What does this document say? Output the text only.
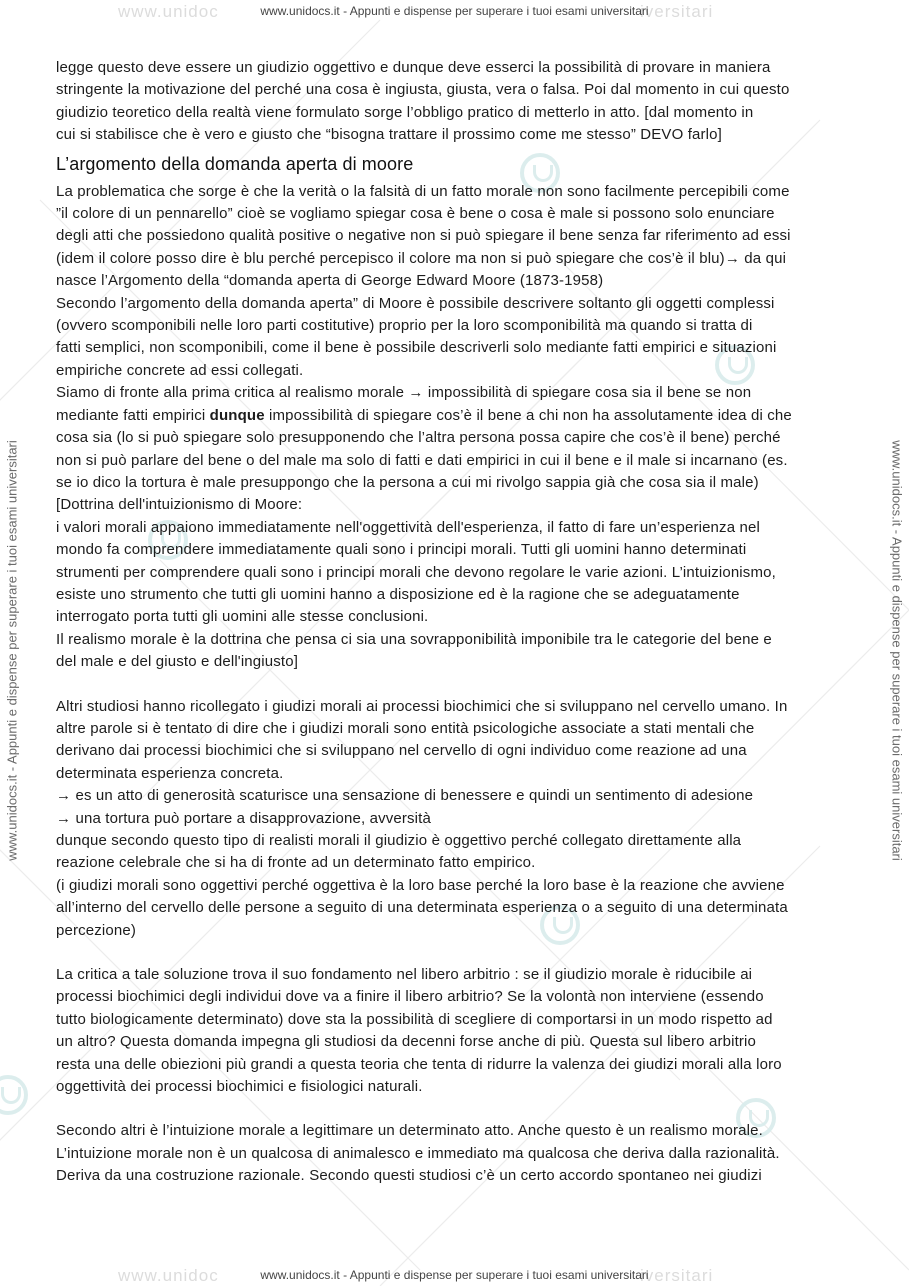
www.unidoc	iversitari
www.unidocs.it - Appunti e dispense per superare i tuoi esami universitari
www.unidoc	iversitari
www.unidocs.it - Appunti e dispense per superare i tuoi esami universitari
www.unidocs.it - Appunti e dispense per superare i tuoi esami universitari	www.unidocs.it - Appunti e dispense per superare i tuoi esami universitari

legge questo deve essere un giudizio oggettivo e dunque deve esserci la possibilità di provare in maniera

stringente la motivazione del perché una cosa è ingiusta, giusta, vera o falsa. Poi dal momento in cui questo

giudizio teoretico della realtà viene formulato sorge l’obbligo pratico di metterlo in atto. [dal momento in

cui si stabilisce che è vero e giusto che “bisogna trattare il prossimo come me stesso” DEVO farlo]

L’argomento della domanda aperta di moore

La problematica che sorge è che la verità o la falsità di un fatto morale non sono facilmente percepibili come

”il colore di un pennarello” cioè se vogliamo spiegar cosa è bene o cosa è male si possono solo enunciare

degli atti che possiedono qualità positive o negative non si può spiegare il bene senza far riferimento ad essi

(idem il colore posso dire è blu perché percepisco il colore ma non si può spiegare che cos’è il blu)→ da qui

nasce l’Argomento della “domanda aperta di George Edward Moore (1873-1958)

Secondo l’argomento della domanda aperta” di Moore è possibile descrivere soltanto gli oggetti complessi

(ovvero scomponibili nelle loro parti costitutive) proprio per la loro scomponibilità ma quando si tratta di

fatti semplici, non scomponibili, come il bene è possibile descriverli solo mediante fatti empirici e situazioni

empiriche concrete ad essi collegati.

Siamo di fronte alla prima critica al realismo morale → impossibilità di spiegare cosa sia il bene se non

mediante fatti empirici dunque impossibilità di spiegare cos’è il bene a chi non ha assolutamente idea di che

cosa sia (lo si può spiegare solo presupponendo che l’altra persona possa capire che cos’è il bene) perché

non si può parlare del bene o del male ma solo di fatti e dati empirici in cui il bene e il male si incarnano (es.

se io dico la tortura è male presuppongo che la persona a cui mi rivolgo sappia già che cosa sia il male)

[Dottrina dell'intuizionismo di Moore:

i valori morali appaiono immediatamente nell'oggettività dell'esperienza, il fatto di fare un’esperienza nel

mondo fa comprendere immediatamente quali sono i principi morali. Tutti gli uomini hanno determinati

strumenti per comprendere quali sono i principi morali che devono regolare le varie azioni. L’intuizionismo,

esiste uno strumento che tutti gli uomini hanno a disposizione ed è la ragione che se adeguatamente

interrogato porta tutti gli uomini alle stesse conclusioni.

Il realismo morale è la dottrina che pensa ci sia una sovrapponibilità imponibile tra le categorie del bene e

del male e del giusto e dell'ingiusto]

Altri studiosi hanno ricollegato i giudizi morali ai processi biochimici che si sviluppano nel cervello umano. In

altre parole si è tentato di dire che i giudizi morali sono entità psicologiche associate a stati mentali che

derivano dai processi biochimici che si sviluppano nel cervello di ogni individuo come reazione ad una

determinata esperienza concreta.

→ es un atto di generosità scaturisce una sensazione di benessere e quindi un sentimento di adesione

→ una tortura può portare a disapprovazione, avversità

dunque secondo questo tipo di realisti morali il giudizio è oggettivo perché collegato direttamente alla

reazione celebrale che si ha di fronte ad un determinato fatto empirico.

(i giudizi morali sono oggettivi perché oggettiva è la loro base perché la loro base è la reazione che avviene

all’interno del cervello delle persone a seguito di una determinata esperienza o a seguito di una determinata

percezione)

La critica a tale soluzione trova il suo fondamento nel libero arbitrio : se il giudizio morale è riducibile ai

processi biochimici degli individui dove va a finire il libero arbitrio? Se la volontà non interviene (essendo

tutto biologicamente determinato) dove sta la possibilità di scegliere di comportarsi in un modo rispetto ad

un altro? Questa domanda impegna gli studiosi da decenni forse anche di più. Questa sul libero arbitrio

resta una delle obiezioni più grandi a questa teoria che tenta di ridurre la valenza dei giudizi morali alla loro

oggettività dei processi biochimici e fisiologici naturali.

Secondo altri è l’intuizione morale a legittimare un determinato atto. Anche questo è un realismo morale.

L’intuizione morale non è un qualcosa di animalesco e immediato ma qualcosa che deriva dalla razionalità.

Deriva da una costruzione razionale. Secondo questi studiosi c’è un certo accordo spontaneo nei giudizi
